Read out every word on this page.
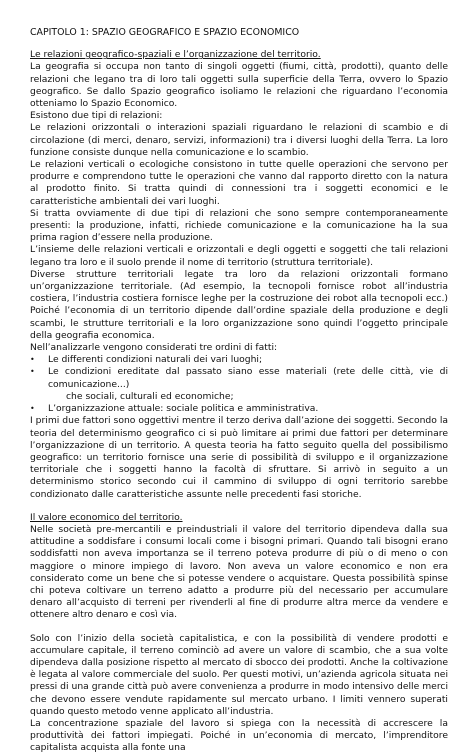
CAPITOLO 1: SPAZIO GEOGRAFICO E SPAZIO ECONOMICO
Le relazioni geografico-spaziali e l’organizzazione del territorio.

La geografia si occupa non tanto di singoli oggetti (fiumi, città, prodotti), quanto delle relazioni che legano tra di loro tali oggetti sulla superficie della Terra, ovvero lo Spazio geografico. Se dallo Spazio geografico isoliamo le relazioni che riguardano l’economia otteniamo lo Spazio Economico.

Esistono due tipi di relazioni:

Le relazioni orizzontali o interazioni spaziali riguardano le relazioni di scambio e di circolazione (di merci, denaro, servizi, informazioni) tra i diversi luoghi della Terra. La loro funzione consiste dunque nella comunicazione e lo scambio.

Le relazioni verticali o ecologiche consistono in tutte quelle operazioni che servono per produrre e comprendono tutte le operazioni che vanno dal rapporto diretto con la natura al prodotto finito. Si tratta quindi di connessioni tra i soggetti economici e le caratteristiche ambientali dei vari luoghi.

Si tratta ovviamente di due tipi di relazioni che sono sempre contemporaneamente presenti: la produzione, infatti, richiede comunicazione e la comunicazione ha la sua prima ragion d’essere nella produzione.

L’insieme delle relazioni verticali e orizzontali e degli oggetti e soggetti che tali relazioni legano tra loro e il suolo prende il nome di territorio (struttura territoriale).

Diverse strutture territoriali legate tra loro da relazioni orizzontali formano un’organizzazione territoriale. (Ad esempio, la tecnopoli fornisce robot all’industria costiera, l’industria costiera fornisce leghe per la costruzione dei robot alla tecnopoli ecc.) Poiché l’economia di un territorio dipende dall’ordine spaziale della produzione e degli scambi, le strutture territoriali e la loro organizzazione sono quindi l’oggetto principale della geografia economica.

Nell’analizzarle vengono considerati tre ordini di fatti:

• Le differenti condizioni naturali dei vari luoghi;
• Le condizioni ereditate dal passato siano esse materiali (rete delle città, vie di comunicazione...)
che sociali, culturali ed economiche;
• L’organizzazione attuale: sociale politica e amministrativa.

I primi due fattori sono oggettivi mentre il terzo deriva dall’azione dei soggetti. Secondo la teoria del determinismo geografico ci si può limitare ai primi due fattori per determinare l’organizzazione di un territorio. A questa teoria ha fatto seguito quella del possibilismo geografico: un territorio fornisce una serie di possibilità di sviluppo e il organizzazione territoriale che i soggetti hanno la facoltà di sfruttare. Si arrivò in seguito a un determinismo storico secondo cui il cammino di sviluppo di ogni territorio sarebbe condizionato dalle caratteristiche assunte nelle precedenti fasi storiche.

Il valore economico del territorio.

Nelle società pre-mercantili e preindustriali il valore del territorio dipendeva dalla sua attitudine a soddisfare i consumi locali come i bisogni primari. Quando tali bisogni erano soddisfatti non aveva importanza se il terreno poteva produrre di più o di meno o con maggiore o minore impiego di lavoro. Non aveva un valore economico e non era considerato come un bene che si potesse vendere o acquistare. Questa possibilità spinse chi poteva coltivare un terreno adatto a produrre più del necessario per accumulare denaro all’acquisto di terreni per rivenderli al fine di produrre altra merce da vendere e ottenere altro denaro e così via.

Solo con l’inizio della società capitalistica, e con la possibilità di vendere prodotti e accumulare capitale, il terreno cominciò ad avere un valore di scambio, che a sua volte dipendeva dalla posizione rispetto al mercato di sbocco dei prodotti. Anche la coltivazione è legata al valore commerciale del suolo. Per questi motivi, un’azienda agricola situata nei pressi di una grande città può avere convenienza a produrre in modo intensivo delle merci che devono essere vendute rapidamente sul mercato urbano. I limiti vennero superati quando questo metodo venne applicato all’industria.

La concentrazione spaziale del lavoro si spiega con la necessità di accrescere la produttività dei fattori impiegati. Poiché in un’economia di mercato, l’imprenditore capitalista acquista alla fonte una
